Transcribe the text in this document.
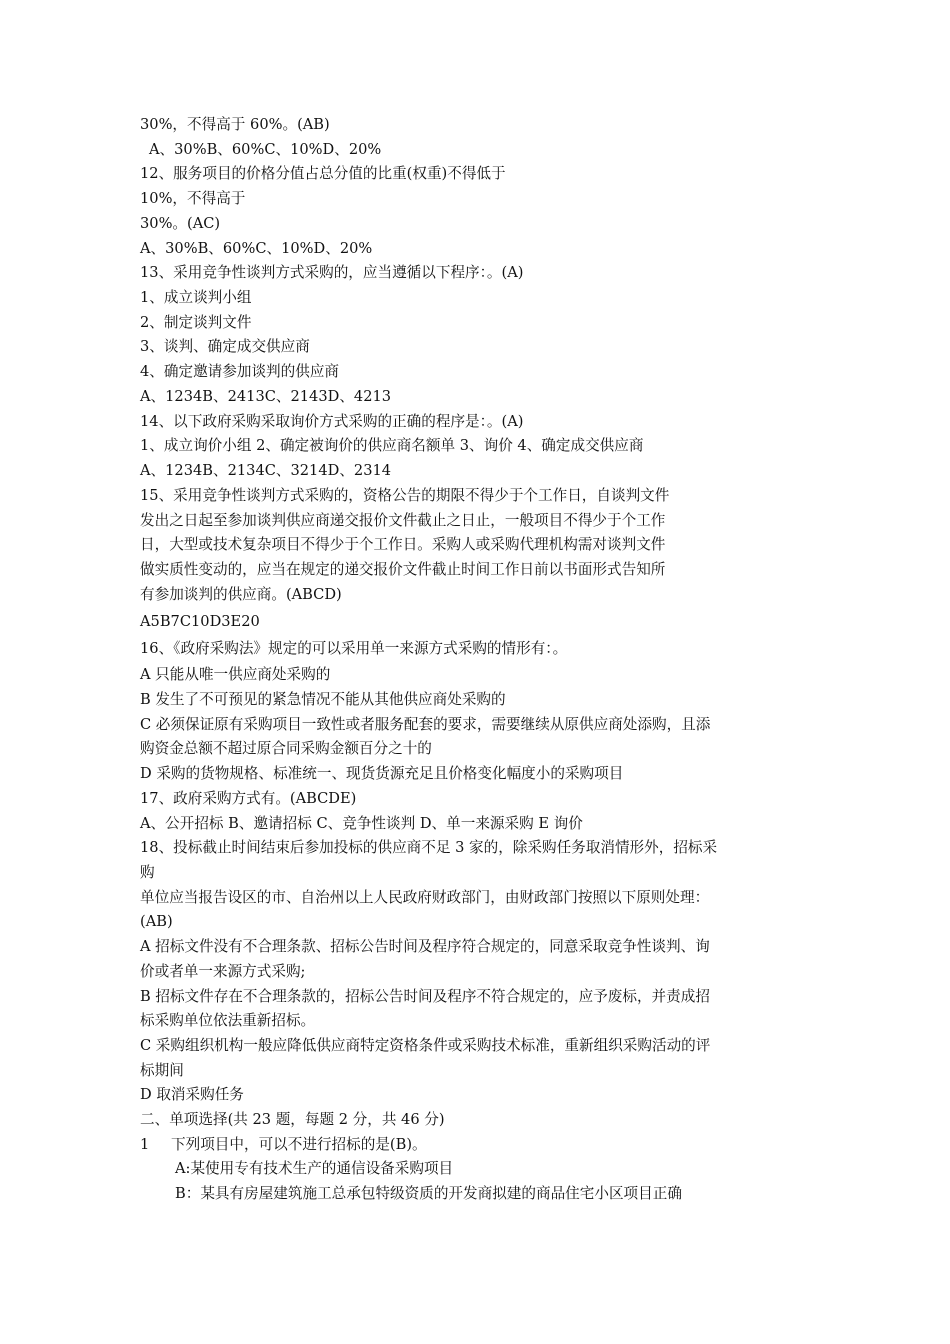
30%，不得高于 60%。(AB)
A、30%B、60%C、10%D、20%
12、服务项目的价格分值占总分值的比重(权重)不得低于
10%，不得高于
30%。(AC)
A、30%B、60%C、10%D、20%
13、采用竞争性谈判方式采购的，应当遵循以下程序：。(A)
1、成立谈判小组
2、制定谈判文件
3、谈判、确定成交供应商
4、确定邀请参加谈判的供应商
A、1234B、2413C、2143D、4213
14、以下政府采购采取询价方式采购的正确的程序是：。(A)
1、成立询价小组 2、确定被询价的供应商名额单 3、询价 4、确定成交供应商
A、1234B、2134C、3214D、2314
15、采用竞争性谈判方式采购的，资格公告的期限不得少于个工作日，自谈判文件
发出之日起至参加谈判供应商递交报价文件截止之日止，一般项目不得少于个工作
日，大型或技术复杂项目不得少于个工作日。采购人或采购代理机构需对谈判文件
做实质性变动的，应当在规定的递交报价文件截止时间工作日前以书面形式告知所
有参加谈判的供应商。(ABCD)
A5B7C10D3E20
16、《政府采购法》规定的可以采用单一来源方式采购的情形有：。
A 只能从唯一供应商处采购的
B 发生了不可预见的紧急情况不能从其他供应商处采购的
C 必须保证原有采购项目一致性或者服务配套的要求，需要继续从原供应商处添购，且添
购资金总额不超过原合同采购金额百分之十的
D 采购的货物规格、标准统一、现货货源充足且价格变化幅度小的采购项目
17、政府采购方式有。(ABCDE)
A、公开招标 B、邀请招标 C、竞争性谈判 D、单一来源采购 E 询价
18、投标截止时间结束后参加投标的供应商不足 3 家的，除采购任务取消情形外，招标采
购
单位应当报告设区的市、自治州以上人民政府财政部门，由财政部门按照以下原则处理：
(AB)
A 招标文件没有不合理条款、招标公告时间及程序符合规定的，同意采取竞争性谈判、询
价或者单一来源方式采购;
B 招标文件存在不合理条款的，招标公告时间及程序不符合规定的，应予废标，并责成招
标采购单位依法重新招标。
C 采购组织机构一般应降低供应商特定资格条件或采购技术标准，重新组织采购活动的评
标期间
D 取消采购任务
二、单项选择(共 23 题，每题 2 分，共 46 分)
1 下列项目中，可以不进行招标的是(B)。
A:某使用专有技术生产的通信设备采购项目
B：某具有房屋建筑施工总承包特级资质的开发商拟建的商品住宅小区项目正确
